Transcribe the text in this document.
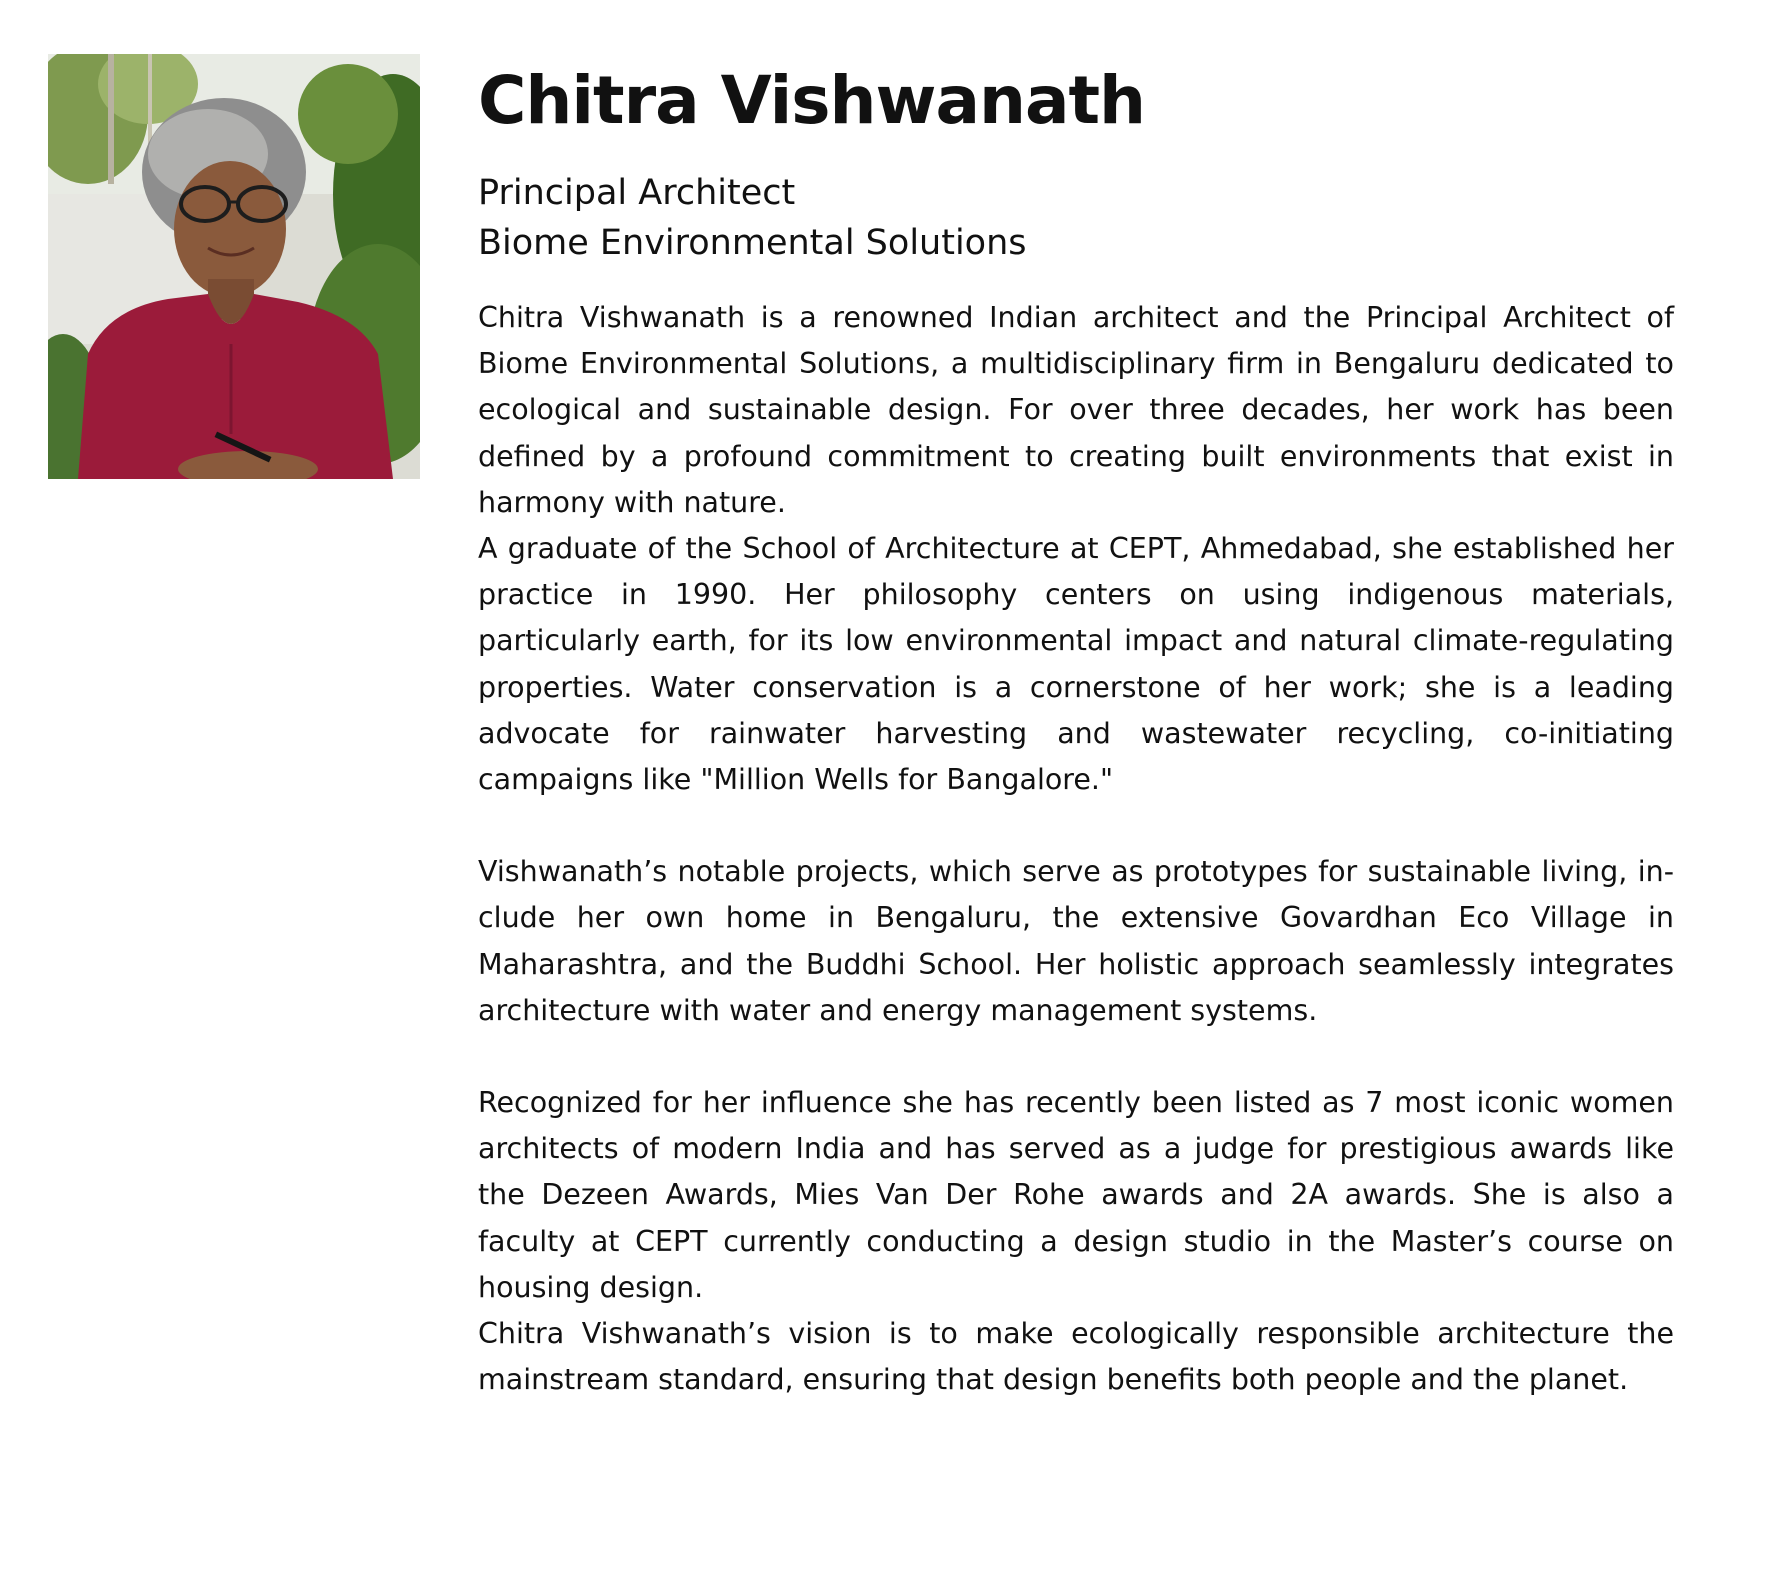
Chitra Vishwanath
Principal Architect
Biome Environmental Solutions

Chitra Vishwanath is a renowned Indian architect and the Principal Architect of Biome Environmental Solutions, a multidisciplinary firm in Bengaluru dedicated to ecological and sustainable design. For over three decades, her work has been defined by a profound commitment to creating built environments that exist in harmony with nature.

A graduate of the School of Architecture at CEPT, Ahmedabad, she established her practice in 1990. Her philosophy centers on using indigenous materials, particularly earth, for its low environmental impact and natural climate-regulating properties. Water conservation is a cornerstone of her work; she is a leading advocate for rainwater harvesting and wastewater recycling, co-initiating campaigns like "Million Wells for Bangalore."

Vishwanath’s notable projects, which serve as prototypes for sustainable living, include her own home in Bengaluru, the extensive Govardhan Eco Village in Maharashtra, and the Buddhi School. Her holistic approach seamlessly integrates architecture with water and energy management systems.

Recognized for her influence she has recently been listed as 7 most iconic women architects of modern India and has served as a judge for prestigious awards like the Dezeen Awards, Mies Van Der Rohe awards and 2A awards. She is also a faculty at CEPT currently conducting a design studio in the Master’s course on housing design.

Chitra Vishwanath’s vision is to make ecologically responsible architecture the mainstream standard, ensuring that design benefits both people and the planet.
